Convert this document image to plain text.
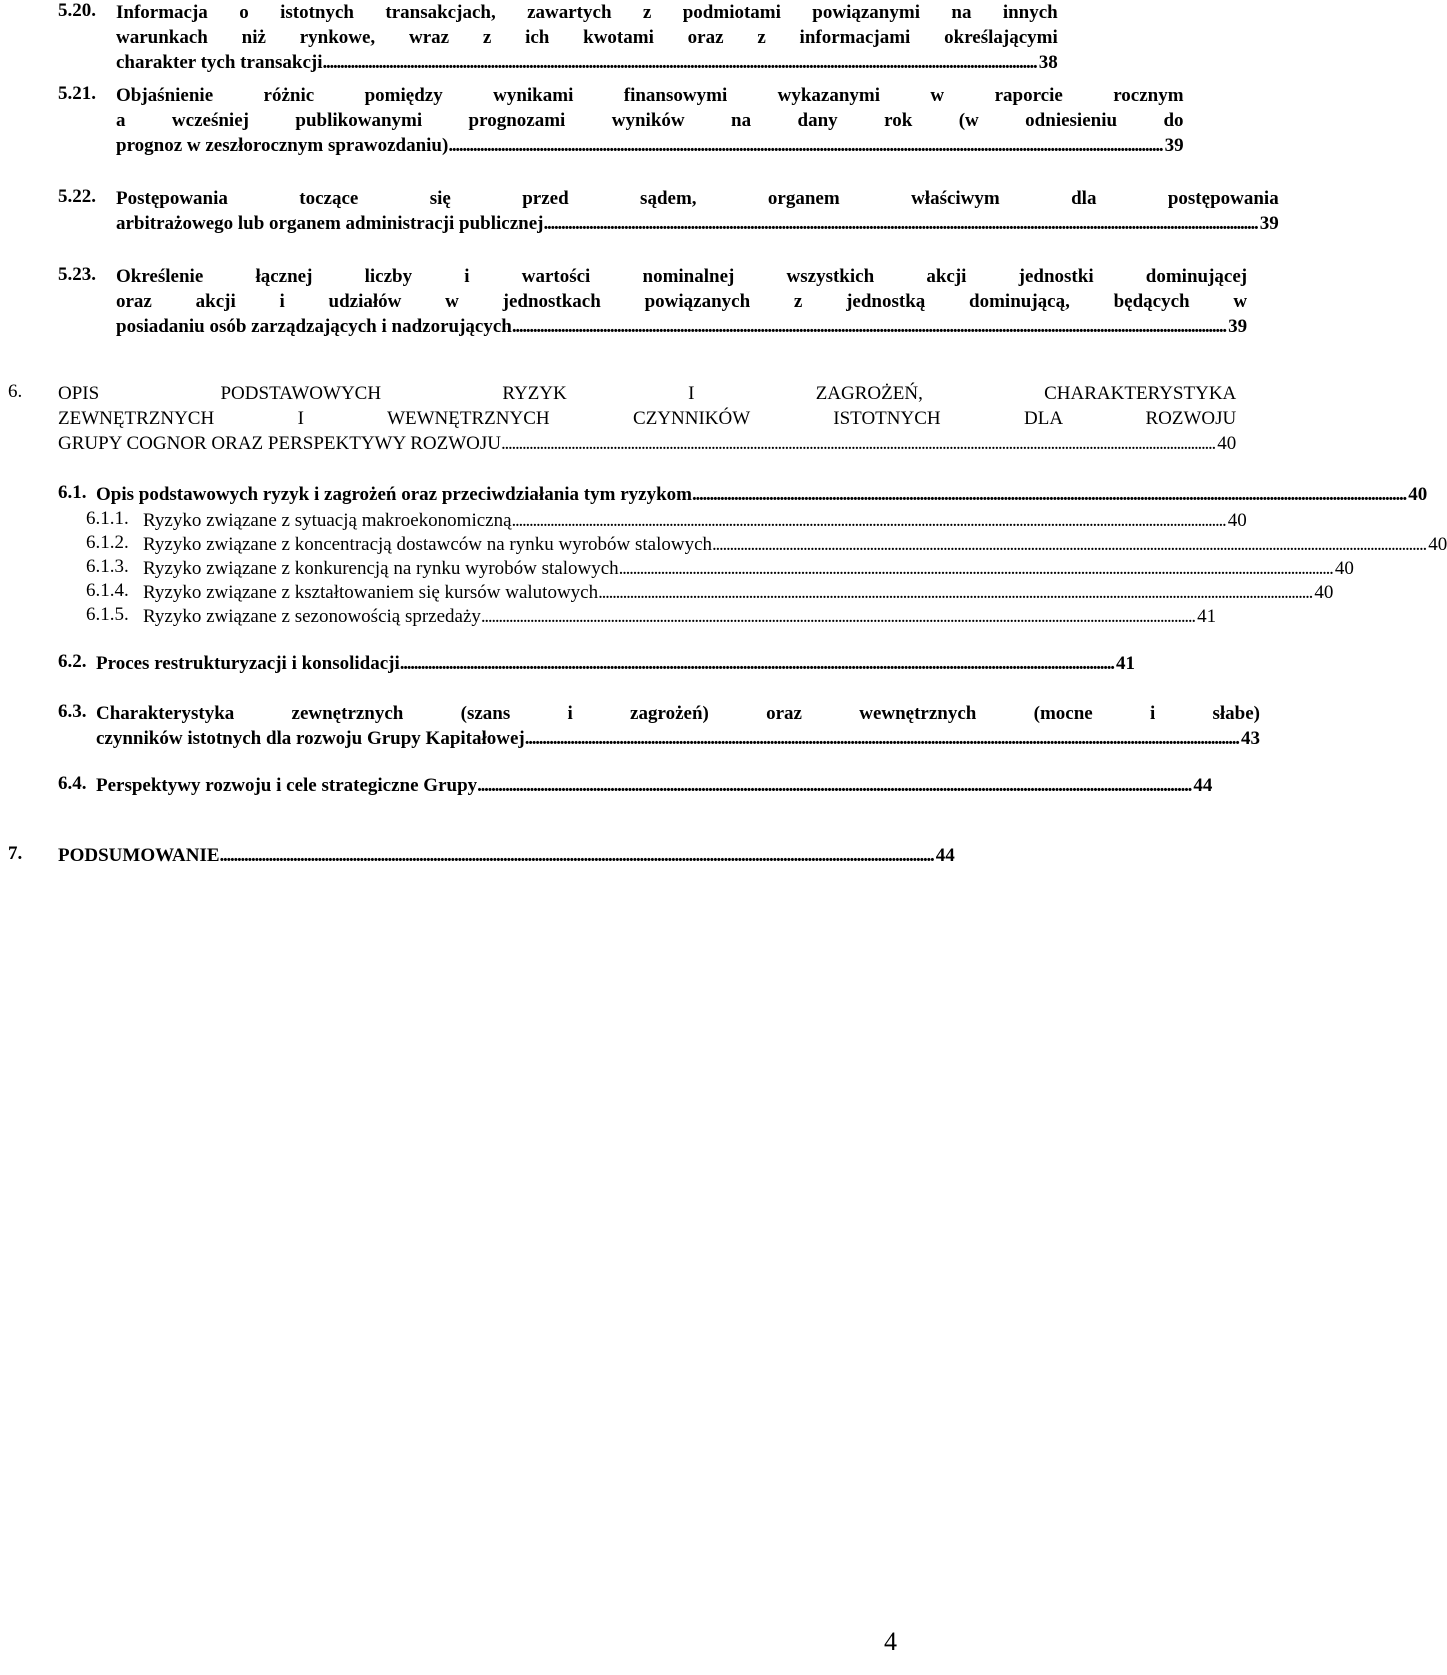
5.20.	Informacja o istotnych transakcjach, zawartych z podmiotami powiązanymi na innych
warunkach niż rynkowe, wraz z ich kwotami oraz z informacjami określającymi
charakter tych transakcji . . .	38
5.21.	Objaśnienie różnic pomiędzy wynikami finansowymi wykazanymi w raporcie rocznym
a wcześniej publikowanymi prognozami wyników na dany rok (w odniesieniu do
prognoz w zeszłorocznym sprawozdaniu) . . .	39
5.22.	Postępowania toczące się przed sądem, organem właściwym dla postępowania
arbitrażowego lub organem administracji publicznej . . .	39
5.23.	Określenie łącznej liczby i wartości nominalnej wszystkich akcji jednostki dominującej
oraz akcji i udziałów w jednostkach powiązanych z jednostką dominującą, będących w
posiadaniu osób zarządzających i nadzorujących . . .	39
6.	OPIS PODSTAWOWYCH RYZYK I ZAGROŻEŃ, CHARAKTERYSTYKA
ZEWNĘTRZNYCH I WEWNĘTRZNYCH CZYNNIKÓW ISTOTNYCH DLA ROZWOJU
GRUPY COGNOR ORAZ PERSPEKTYWY ROZWOJU . . .	40
6.1. Opis podstawowych ryzyk i zagrożeń oraz przeciwdziałania tym ryzykom . . .	40
6.1.1. Ryzyko związane z sytuacją makroekonomiczną . . .	40
6.1.2. Ryzyko związane z koncentracją dostawców na rynku wyrobów stalowych . . .	40
6.1.3. Ryzyko związane z konkurencją na rynku wyrobów stalowych . . .	40
6.1.4. Ryzyko związane z kształtowaniem się kursów walutowych . . .	40
6.1.5. Ryzyko związane z sezonowością sprzedaży . . .	41
6.2. Proces restrukturyzacji i konsolidacji . . .	41
6.3. Charakterystyka zewnętrznych (szans i zagrożeń) oraz wewnętrznych (mocne i słabe)
czynników istotnych dla rozwoju Grupy Kapitałowej . . .	43
6.4. Perspektywy rozwoju i cele strategiczne Grupy . . .	44
7.	PODSUMOWANIE . . .	44
4
